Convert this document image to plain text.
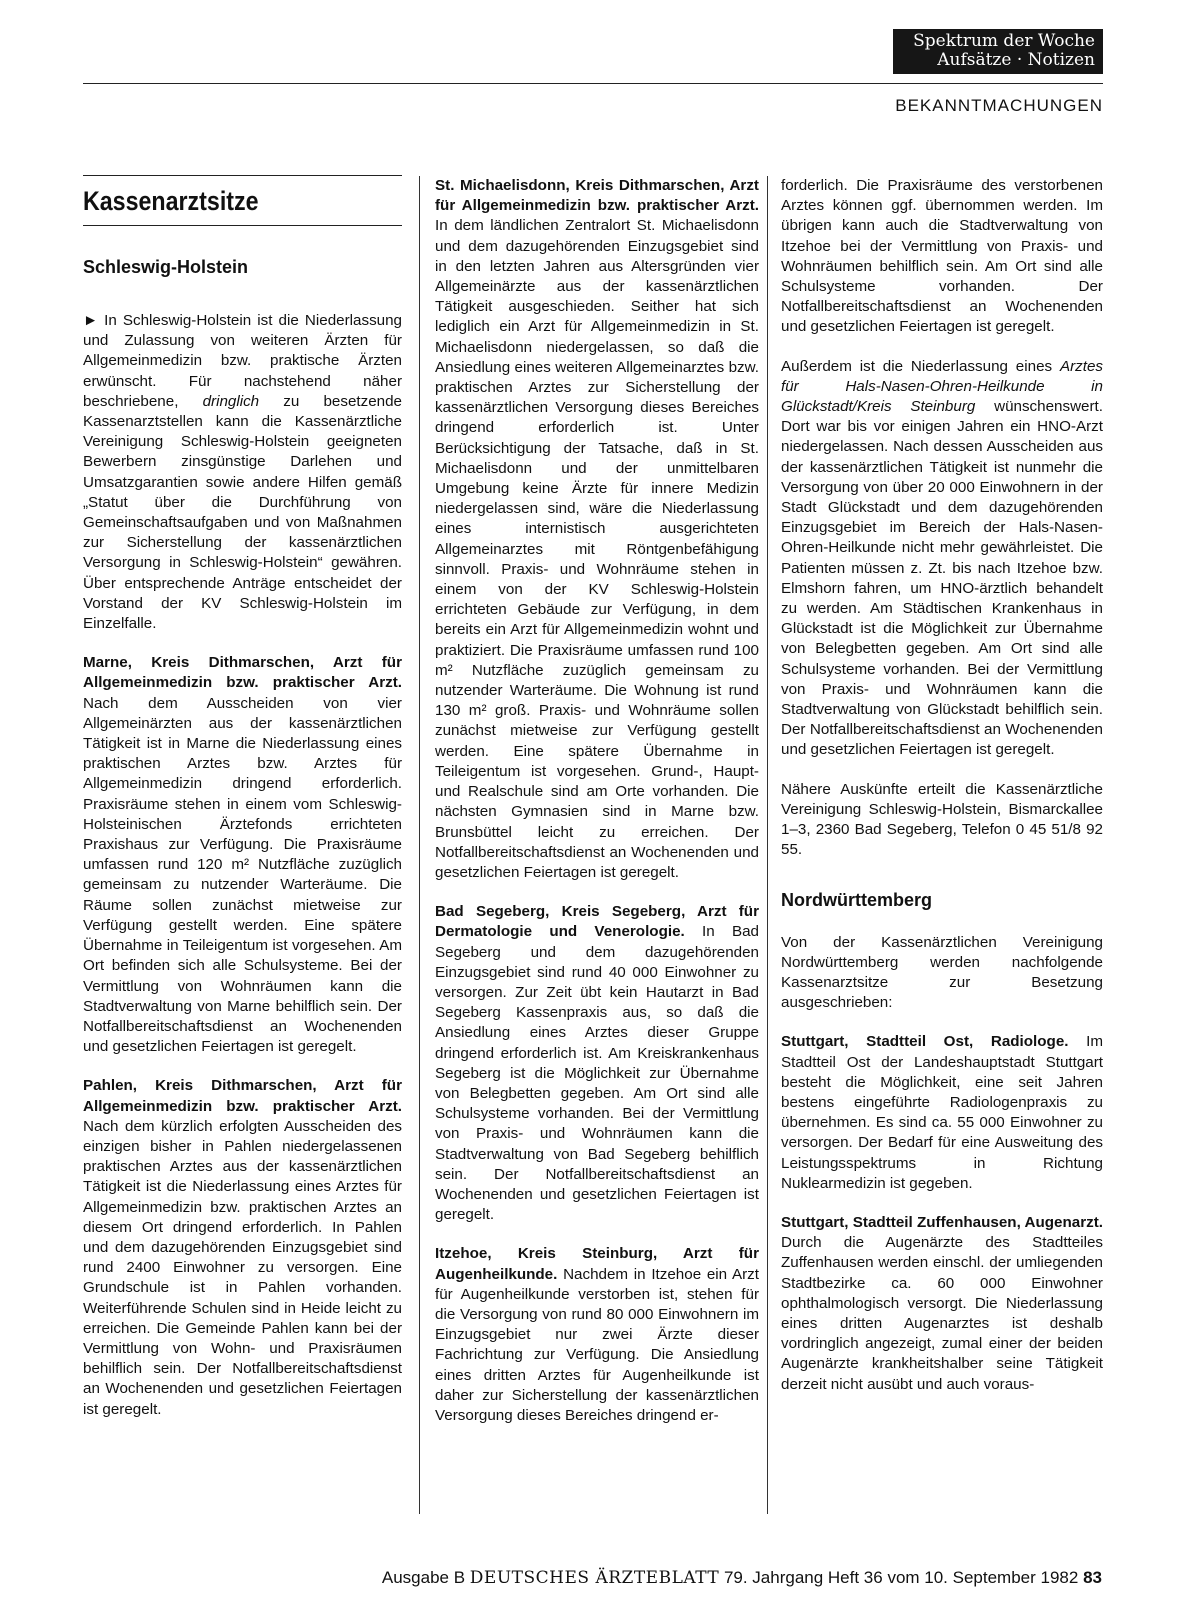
Spektrum der Woche
Aufsätze · Notizen
BEKANNTMACHUNGEN
Kassenarztsitze

Schleswig-Holstein

► In Schleswig-Holstein ist die Niederlassung und Zulassung von weiteren Ärzten für Allgemeinmedizin bzw. praktische Ärzten erwünscht. Für nachstehend näher beschriebene, dringlich zu besetzende Kassenarztstellen kann die Kassenärztliche Vereinigung Schleswig-Holstein geeigneten Bewerbern zinsgünstige Darlehen und Umsatzgarantien sowie andere Hilfen gemäß „Statut über die Durchführung von Gemeinschaftsaufgaben und von Maßnahmen zur Sicherstellung der kassenärztlichen Versorgung in Schleswig-Holstein“ gewähren. Über entsprechende Anträge entscheidet der Vorstand der KV Schleswig-Holstein im Einzelfalle.

Marne, Kreis Dithmarschen, Arzt für Allgemeinmedizin bzw. praktischer Arzt. Nach dem Ausscheiden von vier Allgemeinärzten aus der kassenärztlichen Tätigkeit ist in Marne die Niederlassung eines praktischen Arztes bzw. Arztes für Allgemeinmedizin dringend erforderlich. Praxisräume stehen in einem vom Schleswig-Holsteinischen Ärztefonds errichteten Praxishaus zur Verfügung. Die Praxisräume umfassen rund 120 m² Nutzfläche zuzüglich gemeinsam zu nutzender Warteräume. Die Räume sollen zunächst mietweise zur Verfügung gestellt werden. Eine spätere Übernahme in Teileigentum ist vorgesehen. Am Ort befinden sich alle Schulsysteme. Bei der Vermittlung von Wohnräumen kann die Stadtverwaltung von Marne behilflich sein. Der Notfallbereitschaftsdienst an Wochenenden und gesetzlichen Feiertagen ist geregelt.

Pahlen, Kreis Dithmarschen, Arzt für Allgemeinmedizin bzw. praktischer Arzt. Nach dem kürzlich erfolgten Ausscheiden des einzigen bisher in Pahlen niedergelassenen praktischen Arztes aus der kassenärztlichen Tätigkeit ist die Niederlassung eines Arztes für Allgemeinmedizin bzw. praktischen Arztes an diesem Ort dringend erforderlich. In Pahlen und dem dazugehörenden Einzugsgebiet sind rund 2400 Einwohner zu versorgen. Eine Grundschule ist in Pahlen vorhanden. Weiterführende Schulen sind in Heide leicht zu erreichen. Die Gemeinde Pahlen kann bei der Vermittlung von Wohn- und Praxisräumen behilflich sein. Der Notfallbereitschaftsdienst an Wochenenden und gesetzlichen Feiertagen ist geregelt.

St. Michaelisdonn, Kreis Dithmarschen, Arzt für Allgemeinmedizin bzw. praktischer Arzt. In dem ländlichen Zentralort St. Michaelisdonn und dem dazugehörenden Einzugsgebiet sind in den letzten Jahren aus Altersgründen vier Allgemeinärzte aus der kassenärztlichen Tätigkeit ausgeschieden. Seither hat sich lediglich ein Arzt für Allgemeinmedizin in St. Michaelisdonn niedergelassen, so daß die Ansiedlung eines weiteren Allgemeinarztes bzw. praktischen Arztes zur Sicherstellung der kassenärztlichen Versorgung dieses Bereiches dringend erforderlich ist. Unter Berücksichtigung der Tatsache, daß in St. Michaelisdonn und der unmittelbaren Umgebung keine Ärzte für innere Medizin niedergelassen sind, wäre die Niederlassung eines internistisch ausgerichteten Allgemeinarztes mit Röntgenbefähigung sinnvoll. Praxis- und Wohnräume stehen in einem von der KV Schleswig-Holstein errichteten Gebäude zur Verfügung, in dem bereits ein Arzt für Allgemeinmedizin wohnt und praktiziert. Die Praxisräume umfassen rund 100 m² Nutzfläche zuzüglich gemeinsam zu nutzender Warteräume. Die Wohnung ist rund 130 m² groß. Praxis- und Wohnräume sollen zunächst mietweise zur Verfügung gestellt werden. Eine spätere Übernahme in Teileigentum ist vorgesehen. Grund-, Haupt- und Realschule sind am Orte vorhanden. Die nächsten Gymnasien sind in Marne bzw. Brunsbüttel leicht zu erreichen. Der Notfallbereitschaftsdienst an Wochenenden und gesetzlichen Feiertagen ist geregelt.

Bad Segeberg, Kreis Segeberg, Arzt für Dermatologie und Venerologie. In Bad Segeberg und dem dazugehörenden Einzugsgebiet sind rund 40 000 Einwohner zu versorgen. Zur Zeit übt kein Hautarzt in Bad Segeberg Kassenpraxis aus, so daß die Ansiedlung eines Arztes dieser Gruppe dringend erforderlich ist. Am Kreiskrankenhaus Segeberg ist die Möglichkeit zur Übernahme von Belegbetten gegeben. Am Ort sind alle Schulsysteme vorhanden. Bei der Vermittlung von Praxis- und Wohnräumen kann die Stadtverwaltung von Bad Segeberg behilflich sein. Der Notfallbereitschaftsdienst an Wochenenden und gesetzlichen Feiertagen ist geregelt.

Itzehoe, Kreis Steinburg, Arzt für Augenheilkunde. Nachdem in Itzehoe ein Arzt für Augenheilkunde verstorben ist, stehen für die Versorgung von rund 80 000 Einwohnern im Einzugsgebiet nur zwei Ärzte dieser Fachrichtung zur Verfügung. Die Ansiedlung eines dritten Arztes für Augenheilkunde ist daher zur Sicherstellung der kassenärztlichen Versorgung dieses Bereiches dringend er-

forderlich. Die Praxisräume des verstorbenen Arztes können ggf. übernommen werden. Im übrigen kann auch die Stadtverwaltung von Itzehoe bei der Vermittlung von Praxis- und Wohnräumen behilflich sein. Am Ort sind alle Schulsysteme vorhanden. Der Notfallbereitschaftsdienst an Wochenenden und gesetzlichen Feiertagen ist geregelt.

Außerdem ist die Niederlassung eines Arztes für Hals-Nasen-Ohren-Heilkunde in Glückstadt/Kreis Steinburg wünschenswert. Dort war bis vor einigen Jahren ein HNO-Arzt niedergelassen. Nach dessen Ausscheiden aus der kassenärztlichen Tätigkeit ist nunmehr die Versorgung von über 20 000 Einwohnern in der Stadt Glückstadt und dem dazugehörenden Einzugsgebiet im Bereich der Hals-Nasen-Ohren-Heilkunde nicht mehr gewährleistet. Die Patienten müssen z. Zt. bis nach Itzehoe bzw. Elmshorn fahren, um HNO-ärztlich behandelt zu werden. Am Städtischen Krankenhaus in Glückstadt ist die Möglichkeit zur Übernahme von Belegbetten gegeben. Am Ort sind alle Schulsysteme vorhanden. Bei der Vermittlung von Praxis- und Wohnräumen kann die Stadtverwaltung von Glückstadt behilflich sein. Der Notfallbereitschaftsdienst an Wochenenden und gesetzlichen Feiertagen ist geregelt.

Nähere Auskünfte erteilt die Kassenärztliche Vereinigung Schleswig-Holstein, Bismarckallee 1–3, 2360 Bad Segeberg, Telefon 0 45 51/8 92 55.

Nordwürttemberg

Von der Kassenärztlichen Vereinigung Nordwürttemberg werden nachfolgende Kassenarztsitze zur Besetzung ausgeschrieben:

Stuttgart, Stadtteil Ost, Radiologe. Im Stadtteil Ost der Landeshauptstadt Stuttgart besteht die Möglichkeit, eine seit Jahren bestens eingeführte Radiologenpraxis zu übernehmen. Es sind ca. 55 000 Einwohner zu versorgen. Der Bedarf für eine Ausweitung des Leistungsspektrums in Richtung Nuklearmedizin ist gegeben.

Stuttgart, Stadtteil Zuffenhausen, Augenarzt. Durch die Augenärzte des Stadtteiles Zuffenhausen werden einschl. der umliegenden Stadtbezirke ca. 60 000 Einwohner ophthalmologisch versorgt. Die Niederlassung eines dritten Augenarztes ist deshalb vordringlich angezeigt, zumal einer der beiden Augenärzte krankheitshalber seine Tätigkeit derzeit nicht ausübt und auch voraus-

Ausgabe B DEUTSCHES ÄRZTEBLATT 79. Jahrgang Heft 36 vom 10. September 1982 83
